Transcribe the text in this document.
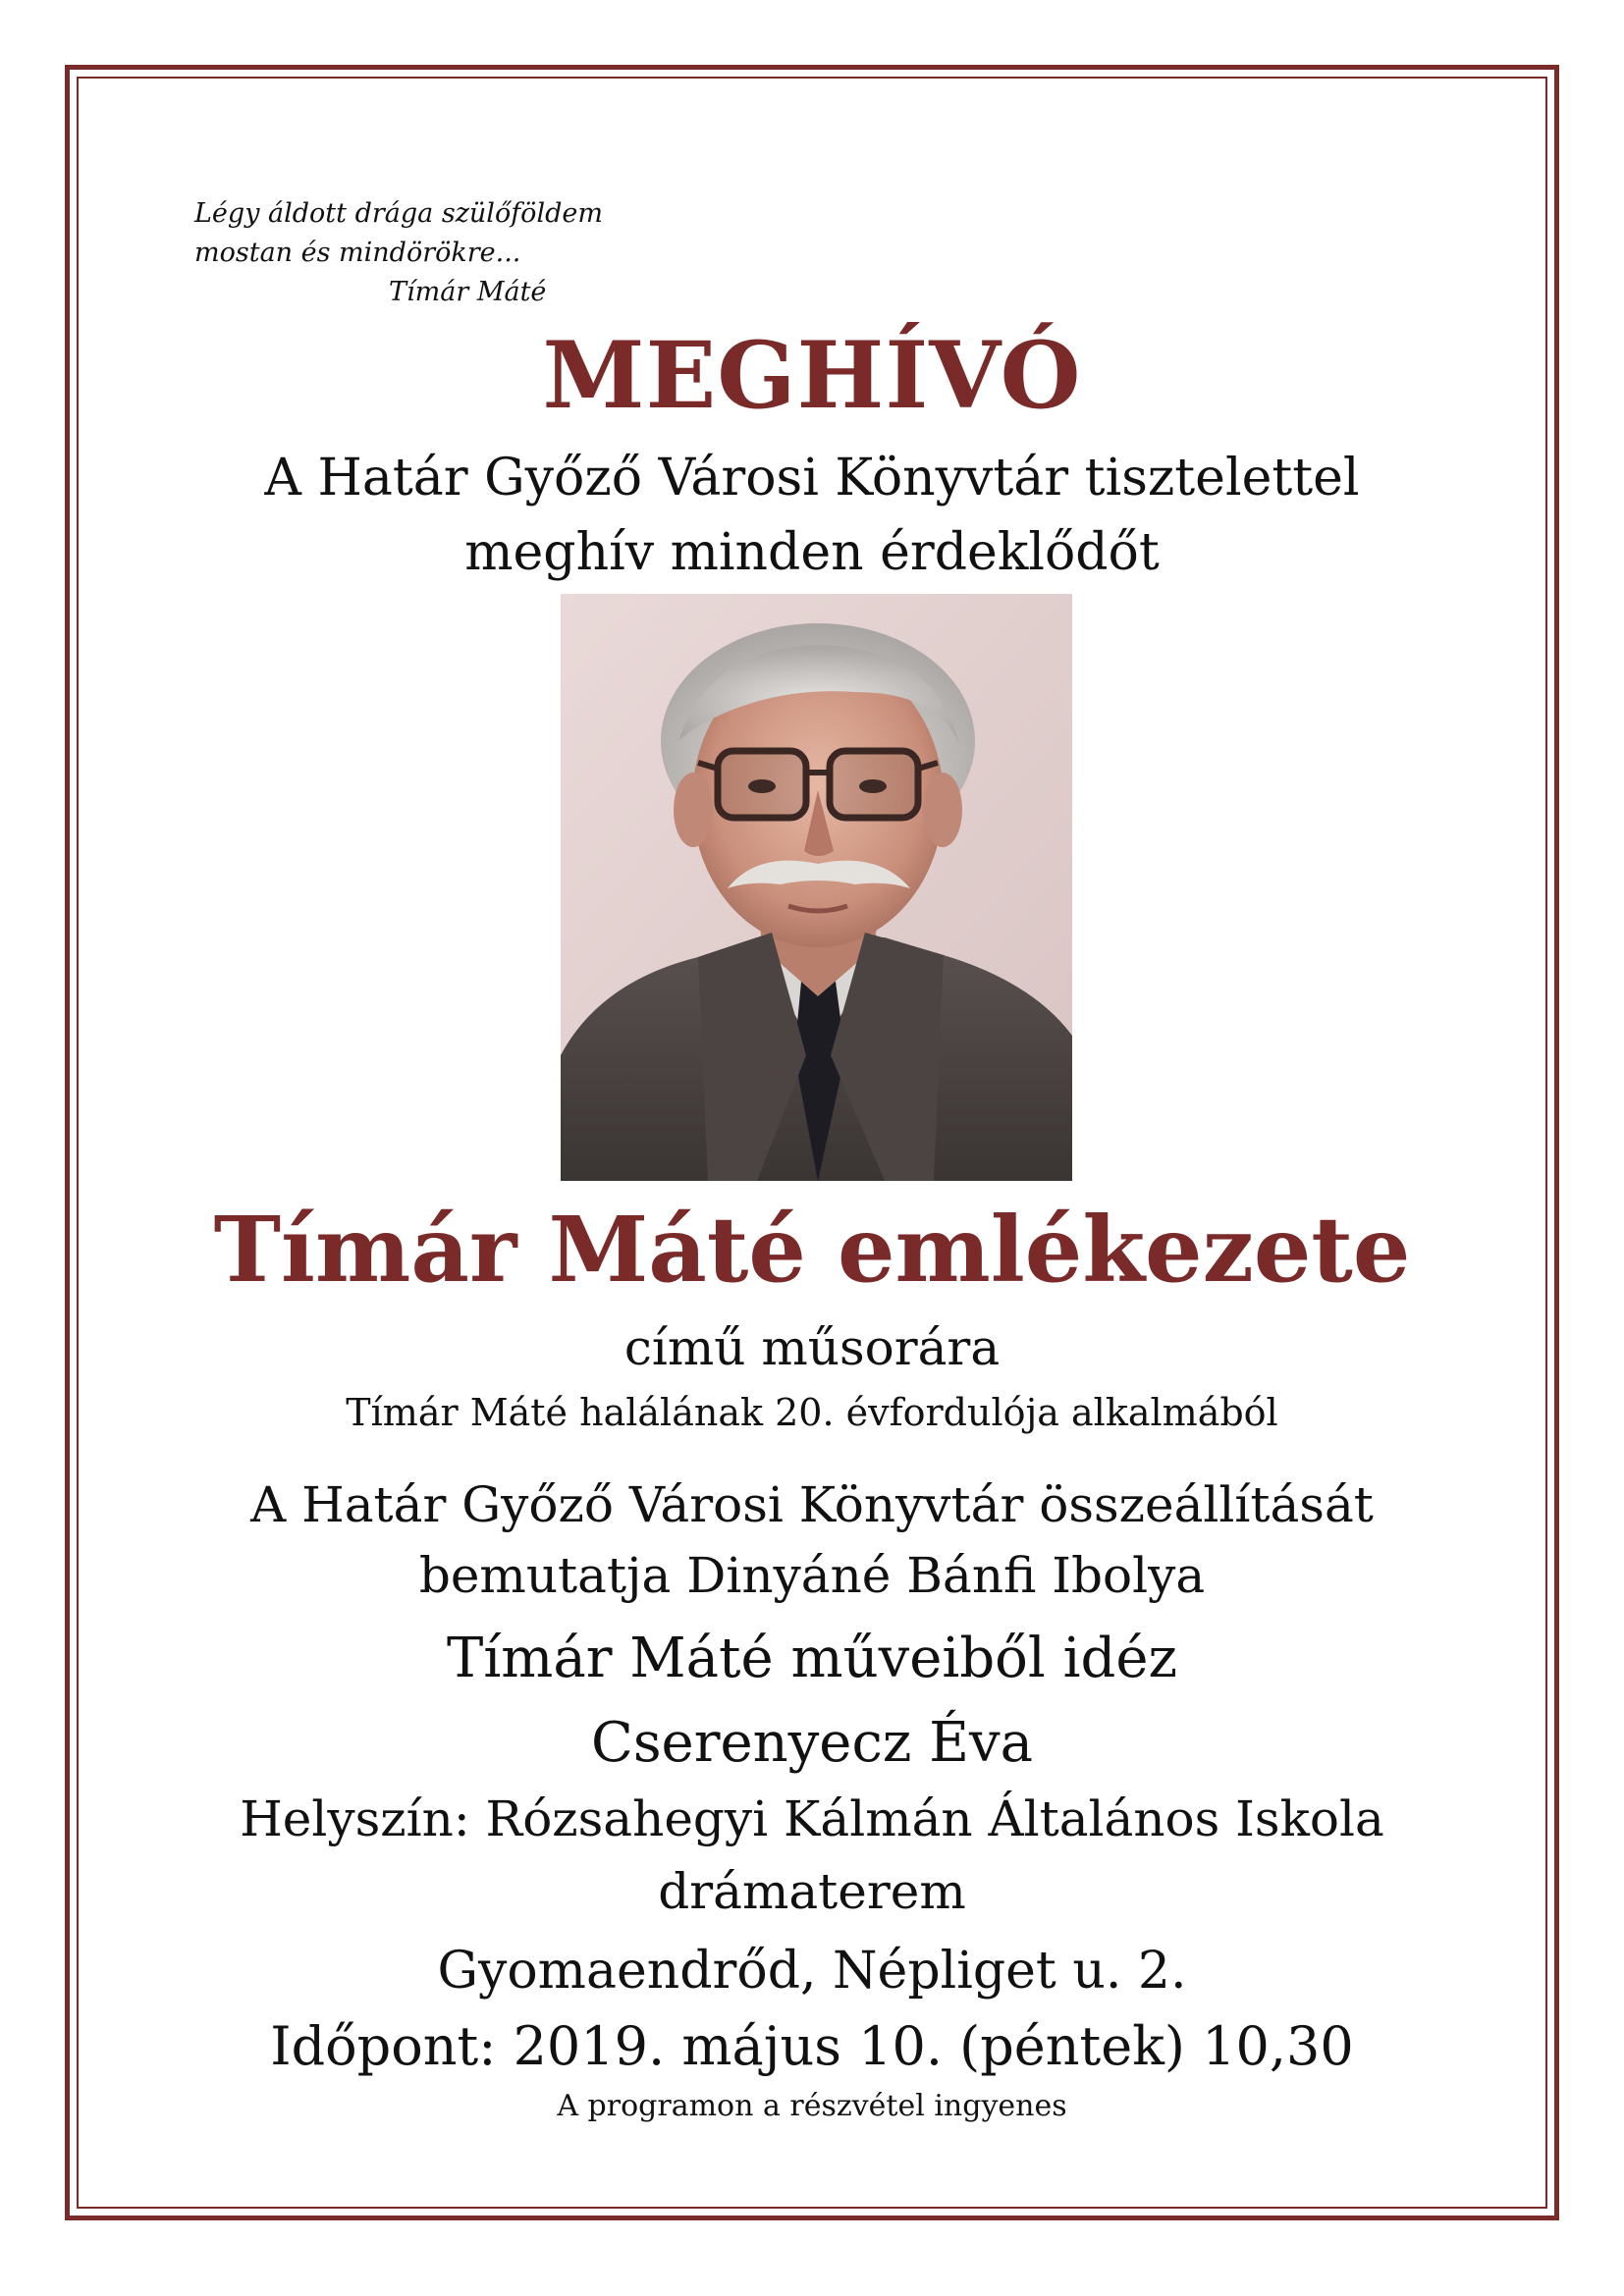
Légy áldott drága szülőföldem
mostan és mindörökre...
Tímár Máté
MEGHÍVÓ
A Határ Győző Városi Könyvtár tisztelettel
meghív minden érdeklődőt
Tímár Máté emlékezete
című műsorára
Tímár Máté halálának 20. évfordulója alkalmából
A Határ Győző Városi Könyvtár összeállítását
bemutatja Dinyáné Bánfi Ibolya
Tímár Máté műveiből idéz
Cserenyecz Éva
Helyszín: Rózsahegyi Kálmán Általános Iskola
drámaterem
Gyomaendrőd, Népliget u. 2.
Időpont: 2019. május 10. (péntek) 10,30
A programon a részvétel ingyenes
